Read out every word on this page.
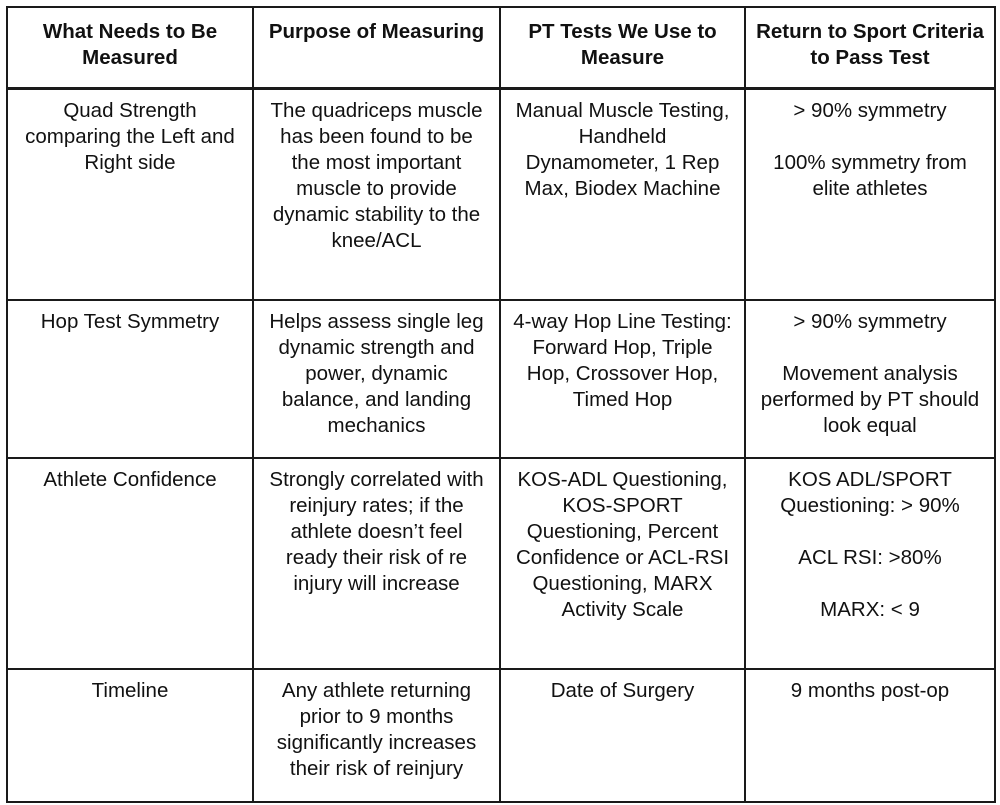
What Needs to Be Measured	Purpose of Measuring	PT Tests We Use to Measure	Return to Sport Criteria to Pass Test
Quad Strength comparing the Left and Right side	The quadriceps muscle has been found to be the most important muscle to provide dynamic stability to the knee/ACL	Manual Muscle Testing, Handheld Dynamometer, 1 Rep Max, Biodex Machine	> 90% symmetry
100% symmetry from elite athletes

Hop Test Symmetry	Helps assess single leg dynamic strength and power, dynamic balance, and landing mechanics	4-way Hop Line Testing: Forward Hop, Triple Hop, Crossover Hop, Timed Hop	> 90% symmetry
Movement analysis performed by PT should look equal

Athlete Confidence	Strongly correlated with reinjury rates; if the athlete doesn’t feel ready their risk of re injury will increase	KOS-ADL Questioning, KOS-SPORT Questioning, Percent Confidence or ACL-RSI Questioning, MARX Activity Scale	KOS ADL/SPORT Questioning: > 90%
ACL RSI: >80%
MARX: < 9

Timeline	Any athlete returning prior to 9 months significantly increases their risk of reinjury	Date of Surgery	9 months post-op
